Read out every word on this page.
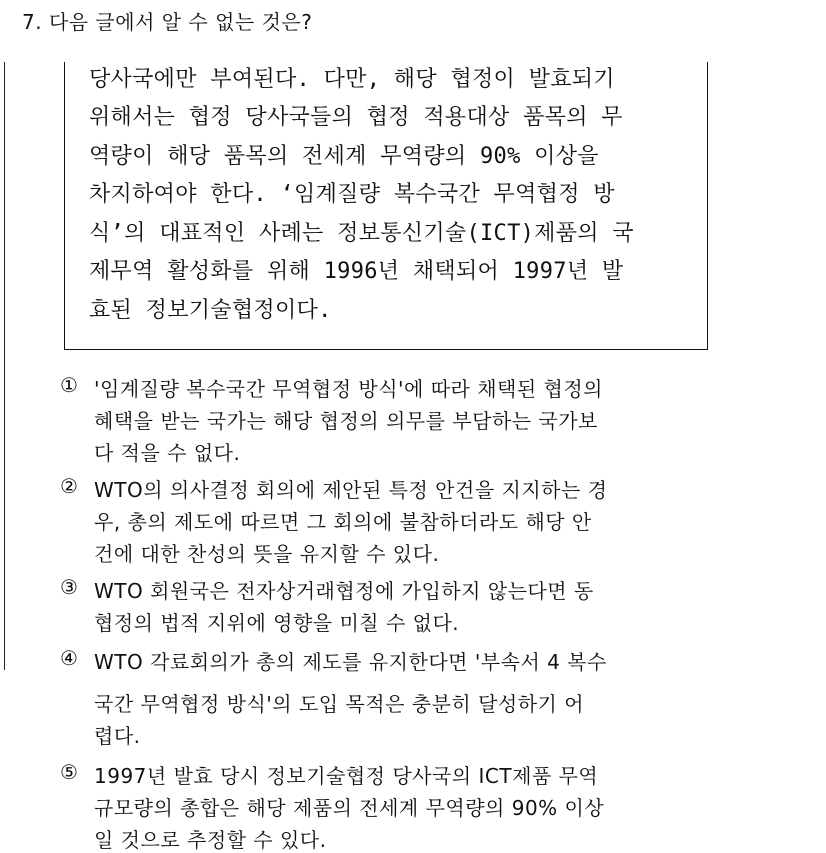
7. 다음 글에서 알 수 없는 것은?
당사국에만 부여된다. 다만, 해당 협정이 발효되기
위해서는 협정 당사국들의 협정 적용대상 품목의 무
역량이 해당 품목의 전세계 무역량의 90% 이상을
차지하여야 한다. ‘임계질량 복수국간 무역협정 방
식’의 대표적인 사례는 정보통신기술(ICT)제품의 국
제무역 활성화를 위해 1996년 채택되어 1997년 발
효된 정보기술협정이다.
① '임계질량 복수국간 무역협정 방식'에 따라 채택된 협정의
혜택을 받는 국가는 해당 협정의 의무를 부담하는 국가보
다 적을 수 없다.
② WTO의 의사결정 회의에 제안된 특정 안건을 지지하는 경
우, 총의 제도에 따르면 그 회의에 불참하더라도 해당 안
건에 대한 찬성의 뜻을 유지할 수 있다.
③ WTO 회원국은 전자상거래협정에 가입하지 않는다면 동
협정의 법적 지위에 영향을 미칠 수 없다.
④ WTO 각료회의가 총의 제도를 유지한다면 '부속서 4 복수
국간 무역협정 방식'의 도입 목적은 충분히 달성하기 어
렵다.
⑤ 1997년 발효 당시 정보기술협정 당사국의 ICT제품 무역
규모량의 총합은 해당 제품의 전세계 무역량의 90% 이상
일 것으로 추정할 수 있다.
